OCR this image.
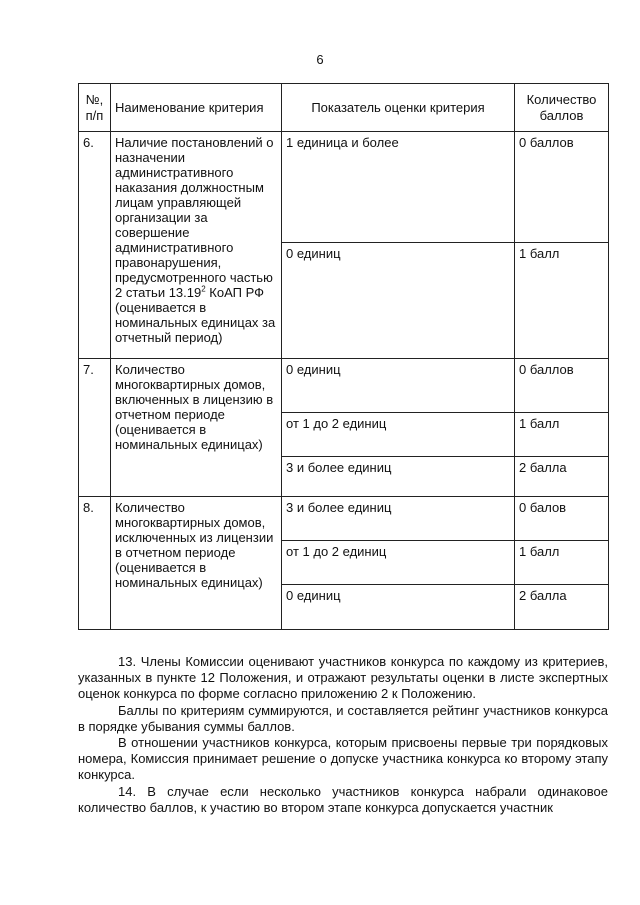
6
№,
п/п	Наименование критерия	Показатель оценки критерия	Количество
баллов
6.	Наличие постановлений о назначении административного наказания должностным лицам управляющей организации за совершение административного правонарушения, предусмотренного частью 2 статьи 13.19$^2$ КоАП РФ (оценивается в номинальных единицах за отчетный период)	1 единица и более	0 баллов
		0 единиц	1 балл
7.	Количество многоквартирных домов, включенных в лицензию в отчетном периоде (оценивается в номинальных единицах)	0 единиц	0 баллов
		от 1 до 2 единиц	1 балл
		3 и более единиц	2 балла
8.	Количество многоквартирных домов, исключенных из лицензии в отчетном периоде (оценивается в номинальных единицах)	3 и более единиц	0 балов
		от 1 до 2 единиц	1 балл
		0 единиц	2 балла

13. Члены Комиссии оценивают участников конкурса по каждому из критериев, указанных в пункте 12 Положения, и отражают результаты оценки в листе экспертных оценок конкурса по форме согласно приложению 2 к Положению.

Баллы по критериям суммируются, и составляется рейтинг участников конкурса в порядке убывания суммы баллов.

В отношении участников конкурса, которым присвоены первые три порядковых номера, Комиссия принимает решение о допуске участника конкурса ко второму этапу конкурса.

14. В случае если несколько участников конкурса набрали одинаковое количество баллов, к участию во втором этапе конкурса допускается участник
